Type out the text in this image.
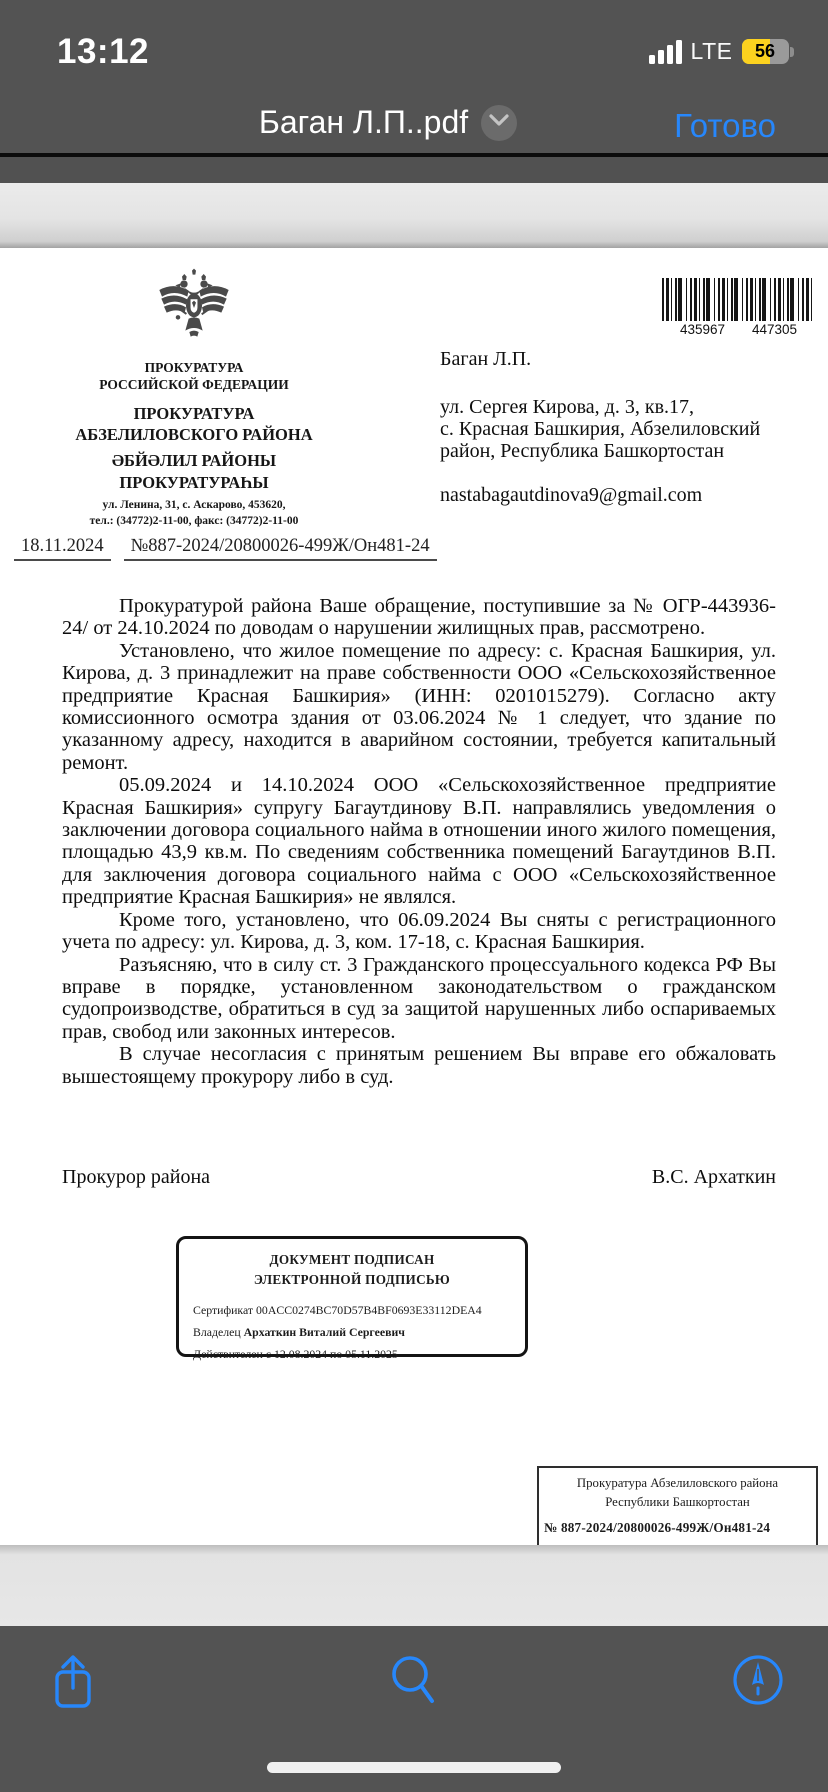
13:12	LTE	56
Баган Л.П..pdf	Готово
ПРОКУРАТУРА
РОССИЙСКОЙ ФЕДЕРАЦИИ
ПРОКУРАТУРА
АБЗЕЛИЛОВСКОГО РАЙОНА
ӘБЙӘЛИЛ РАЙОНЫ
ПРОКУРАТУРАҺЫ
ул. Ленина, 31, с. Аскарово, 453620,
тел.: (34772)2-11-00, факс: (34772)2-11-00
18.11.2024	№887-2024/20800026-499Ж/Он481-24
435967 447305
Баган Л.П.
ул. Сергея Кирова, д. 3, кв.17,
с. Красная Башкирия, Абзелиловский
район, Республика Башкортостан
nastabagautdinova9@gmail.com

Прокуратурой района Ваше обращение, поступившие за № ОГР-443936-24/ от 24.10.2024 по доводам о нарушении жилищных прав, рассмотрено.

Установлено, что жилое помещение по адресу: с. Красная Башкирия, ул. Кирова, д. 3 принадлежит на праве собственности ООО «Сельскохозяйственное предприятие Красная Башкирия» (ИНН: 0201015279). Согласно акту комиссионного осмотра здания от 03.06.2024 № 1 следует, что здание по указанному адресу, находится в аварийном состоянии, требуется капитальный ремонт.

05.09.2024 и 14.10.2024 ООО «Сельскохозяйственное предприятие Красная Башкирия» супругу Багаутдинову В.П. направлялись уведомления о заключении договора социального найма в отношении иного жилого помещения, площадью 43,9 кв.м. По сведениям собственника помещений Багаутдинов В.П. для заключения договора социального найма с ООО «Сельскохозяйственное предприятие Красная Башкирия» не являлся.

Кроме того, установлено, что 06.09.2024 Вы сняты с регистрационного учета по адресу: ул. Кирова, д. 3, ком. 17-18, с. Красная Башкирия.

Разъясняю, что в силу ст. 3 Гражданского процессуального кодекса РФ Вы вправе в порядке, установленном законодательством о гражданском судопроизводстве, обратиться в суд за защитой нарушенных либо оспариваемых прав, свобод или законных интересов.

В случае несогласия с принятым решением Вы вправе его обжаловать вышестоящему прокурору либо в суд.

Прокурор района	В.С. Архаткин
ДОКУМЕНТ ПОДПИСАН
ЭЛЕКТРОННОЙ ПОДПИСЬЮ
Сертификат 00ACC0274BC70D57B4BF0693E33112DEA4
Владелец Архаткин Виталий Сергеевич
Действителен с 12.08.2024 по 05.11.2025
Прокуратура Абзелиловского района Республики Башкортостан
№ 887-2024/20800026-499Ж/Он481-24
